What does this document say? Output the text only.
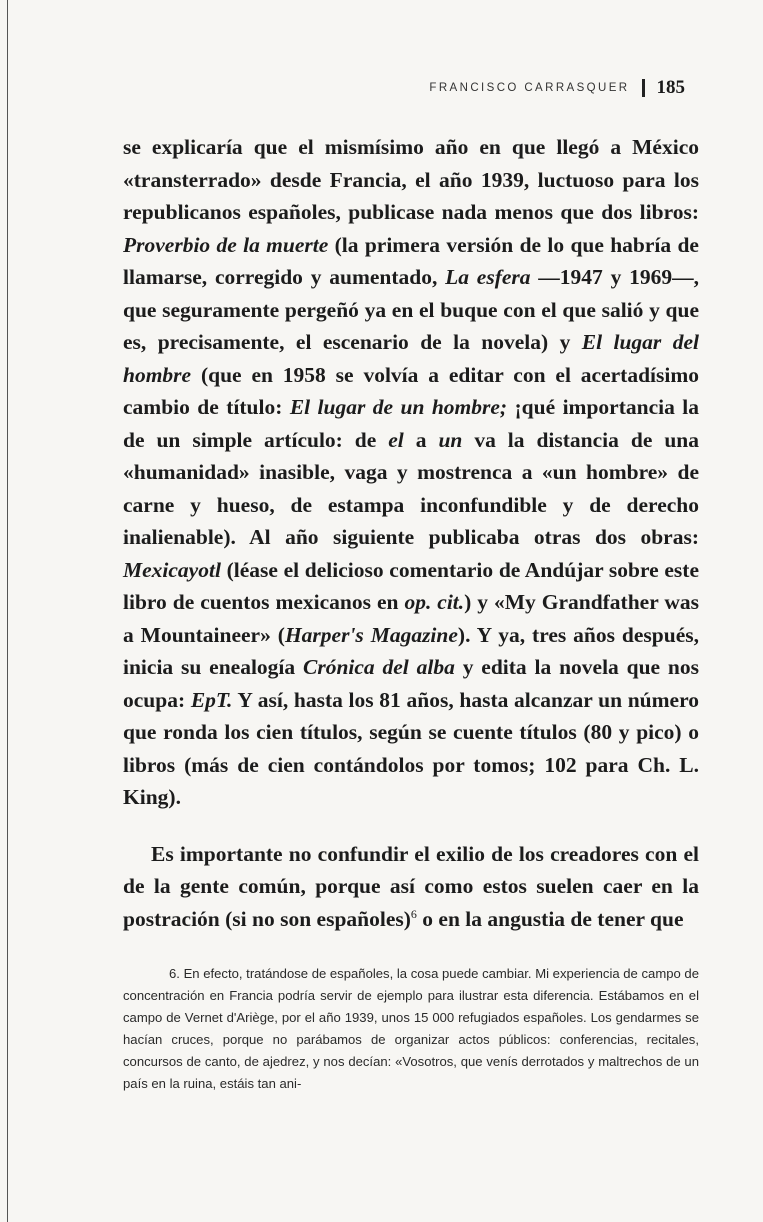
FRANCISCO CARRASQUER 185

se explicaría que el mismísimo año en que llegó a México «transterrado» desde Francia, el año 1939, luctuoso para los republicanos españoles, publicase nada menos que dos libros: Proverbio de la muerte (la primera versión de lo que habría de llamarse, corregido y aumentado, La esfera —1947 y 1969—, que seguramente pergeñó ya en el buque con el que salió y que es, precisamente, el escenario de la novela) y El lugar del hombre (que en 1958 se volvía a editar con el acertadísimo cambio de título: El lugar de un hombre; ¡qué importancia la de un simple artículo: de el a un va la distancia de una «humanidad» inasible, vaga y mostrenca a «un hombre» de carne y hueso, de estampa inconfundible y de derecho inalienable). Al año siguiente publicaba otras dos obras: Mexicayotl (léase el delicioso comentario de Andújar sobre este libro de cuentos mexicanos en op. cit.) y «My Grandfather was a Mountaineer» (Harper's Magazine). Y ya, tres años después, inicia su enealogía Crónica del alba y edita la novela que nos ocupa: EpT. Y así, hasta los 81 años, hasta alcanzar un número que ronda los cien títulos, según se cuente títulos (80 y pico) o libros (más de cien contándolos por tomos; 102 para Ch. L. King).

Es importante no confundir el exilio de los creadores con el de la gente común, porque así como estos suelen caer en la postración (si no son españoles)$^6$ o en la angustia de tener que

6. En efecto, tratándose de españoles, la cosa puede cambiar. Mi experiencia de campo de concentración en Francia podría servir de ejemplo para ilustrar esta diferencia. Estábamos en el campo de Vernet d'Ariège, por el año 1939, unos 15 000 refugiados españoles. Los gendarmes se hacían cruces, porque no parábamos de organizar actos públicos: conferencias, recitales, concursos de canto, de ajedrez, y nos decían: «Vosotros, que venís derrotados y maltrechos de un país en la ruina, estáis tan ani-
